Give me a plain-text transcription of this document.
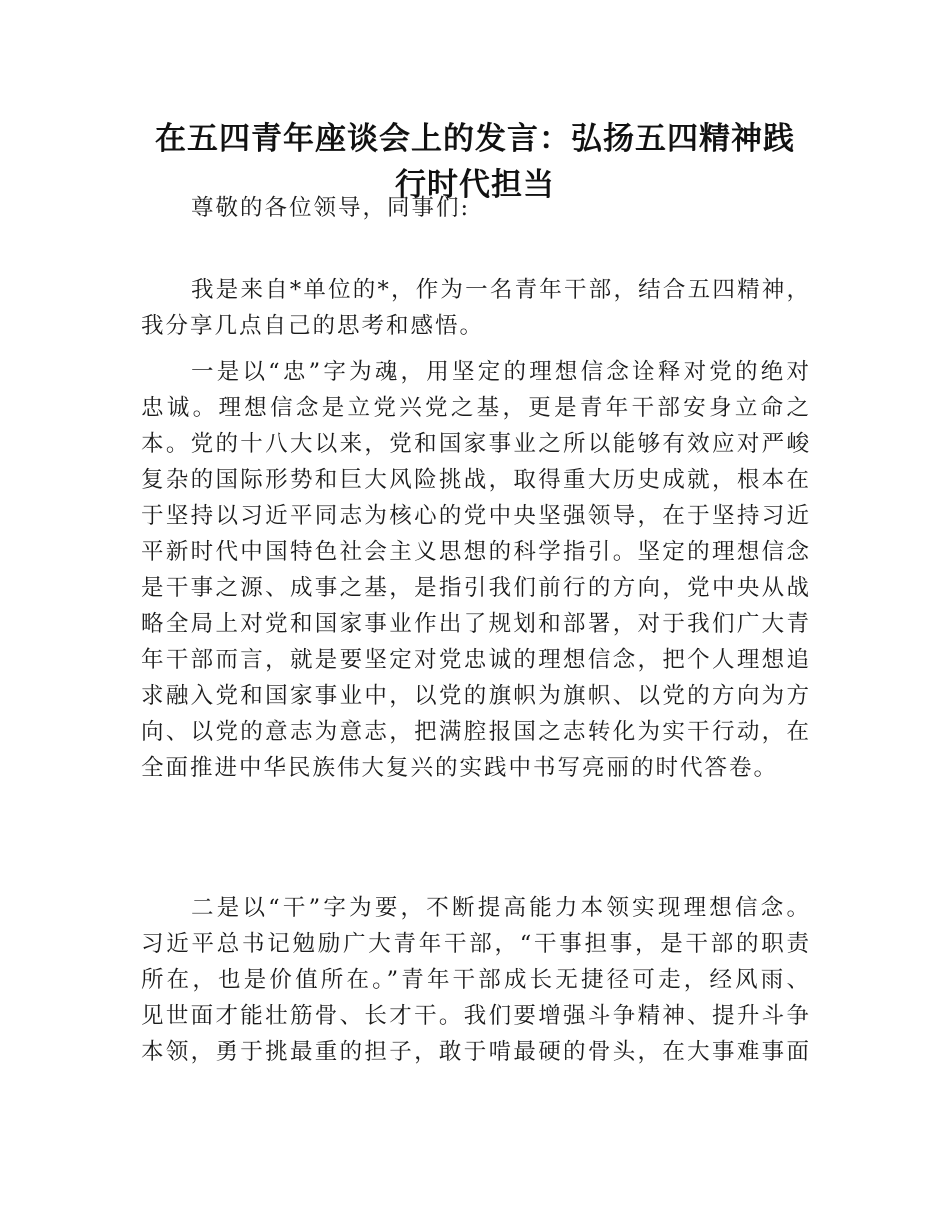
在五四青年座谈会上的发言：弘扬五四精神践
行时代担当
尊敬的各位领导，同事们:
我是来自*单位的*，作为一名青年干部，结合五四精神，
我分享几点自己的思考和感悟。
一是以“忠”字为魂，用坚定的理想信念诠释对党的绝对
忠诚。理想信念是立党兴党之基，更是青年干部安身立命之
本。党的十八大以来，党和国家事业之所以能够有效应对严峻
复杂的国际形势和巨大风险挑战，取得重大历史成就，根本在
于坚持以习近平同志为核心的党中央坚强领导，在于坚持习近
平新时代中国特色社会主义思想的科学指引。坚定的理想信念
是干事之源、成事之基，是指引我们前行的方向，党中央从战
略全局上对党和国家事业作出了规划和部署，对于我们广大青
年干部而言，就是要坚定对党忠诚的理想信念，把个人理想追
求融入党和国家事业中，以党的旗帜为旗帜、以党的方向为方
向、以党的意志为意志，把满腔报国之志转化为实干行动，在
全面推进中华民族伟大复兴的实践中书写亮丽的时代答卷。
二是以“干”字为要，不断提高能力本领实现理想信念。
习近平总书记勉励广大青年干部，“干事担事，是干部的职责
所在，也是价值所在。”青年干部成长无捷径可走，经风雨、
见世面才能壮筋骨、长才干。我们要增强斗争精神、提升斗争
本领，勇于挑最重的担子，敢于啃最硬的骨头，在大事难事面
